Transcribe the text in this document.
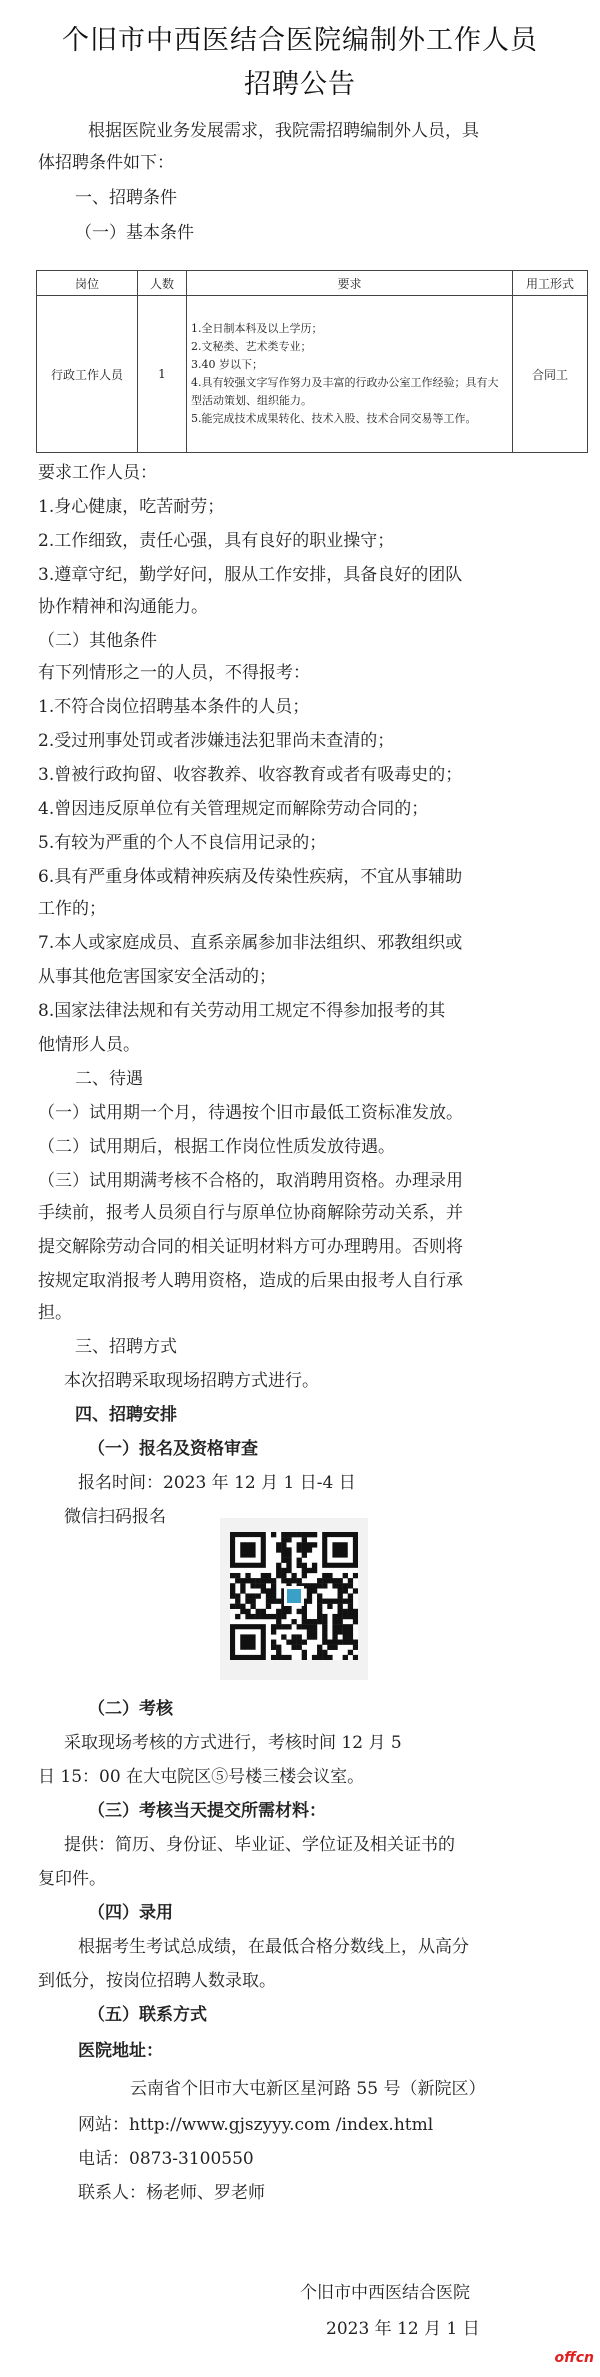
个旧市中西医结合医院编制外工作人员
招聘公告
根据医院业务发展需求，我院需招聘编制外人员，具
体招聘条件如下：
一、招聘条件
（一）基本条件
岗位	人数	要求	用工形式
行政工作人员	1	1.全日制本科及以上学历；
2.文秘类、艺术类专业；
3.40 岁以下；
4.具有较强文字写作努力及丰富的行政办公室工作经验；具有大型活动策划、组织能力。
5.能完成技术成果转化、技术入股、技术合同交易等工作。	合同工
要求工作人员：
1.身心健康，吃苦耐劳；
2.工作细致，责任心强，具有良好的职业操守；
3.遵章守纪，勤学好问，服从工作安排，具备良好的团队
协作精神和沟通能力。
（二）其他条件
有下列情形之一的人员，不得报考：
1.不符合岗位招聘基本条件的人员；
2.受过刑事处罚或者涉嫌违法犯罪尚未查清的；
3.曾被行政拘留、收容教养、收容教育或者有吸毒史的；
4.曾因违反原单位有关管理规定而解除劳动合同的；
5.有较为严重的个人不良信用记录的；
6.具有严重身体或精神疾病及传染性疾病，不宜从事辅助
工作的；
7.本人或家庭成员、直系亲属参加非法组织、邪教组织或
从事其他危害国家安全活动的；
8.国家法律法规和有关劳动用工规定不得参加报考的其
他情形人员。
二、待遇
（一）试用期一个月，待遇按个旧市最低工资标准发放。
（二）试用期后，根据工作岗位性质发放待遇。
（三）试用期满考核不合格的，取消聘用资格。办理录用
手续前，报考人员须自行与原单位协商解除劳动关系，并
提交解除劳动合同的相关证明材料方可办理聘用。否则将
按规定取消报考人聘用资格，造成的后果由报考人自行承
担。
三、招聘方式
本次招聘采取现场招聘方式进行。
四、招聘安排
（一）报名及资格审查
报名时间：2023 年 12 月 1 日-4 日
微信扫码报名
（二）考核
采取现场考核的方式进行，考核时间 12 月 5
日 15：00 在大屯院区⑤号楼三楼会议室。
（三）考核当天提交所需材料：
提供：简历、身份证、毕业证、学位证及相关证书的
复印件。
（四）录用
根据考生考试总成绩，在最低合格分数线上，从高分
到低分，按岗位招聘人数录取。
（五）联系方式
医院地址：
云南省个旧市大屯新区星河路 55 号（新院区）
网站：http://www.gjszyyy.com /index.html
电话：0873-3100550
联系人：杨老师、罗老师
个旧市中西医结合医院
2023 年 12 月 1 日
offcn
